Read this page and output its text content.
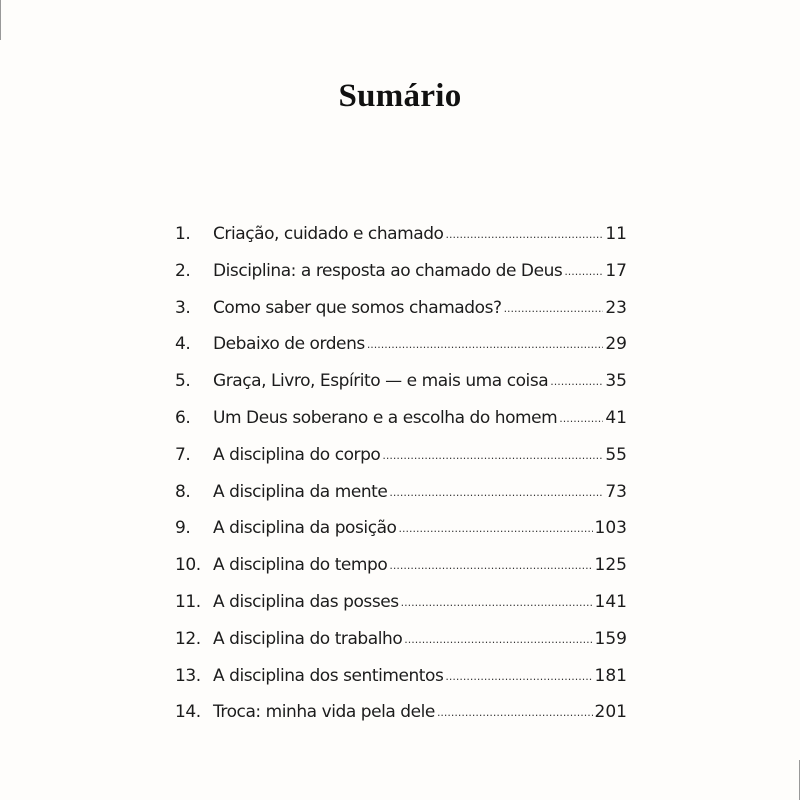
Sumário
1.	Criação, cuidado e chamado .....	11
2.	Disciplina: a resposta ao chamado de Deus .....	17
3.	Como saber que somos chamados? .....	23
4.	Debaixo de ordens .....	29
5.	Graça, Livro, Espírito — e mais uma coisa .....	35
6.	Um Deus soberano e a escolha do homem .....	41
7.	A disciplina do corpo .....	55
8.	A disciplina da mente .....	73
9.	A disciplina da posição .....	103
10. A disciplina do tempo .....	125
11. A disciplina das posses .....	141
12. A disciplina do trabalho .....	159
13. A disciplina dos sentimentos .....	181
14. Troca: minha vida pela dele .....	201
